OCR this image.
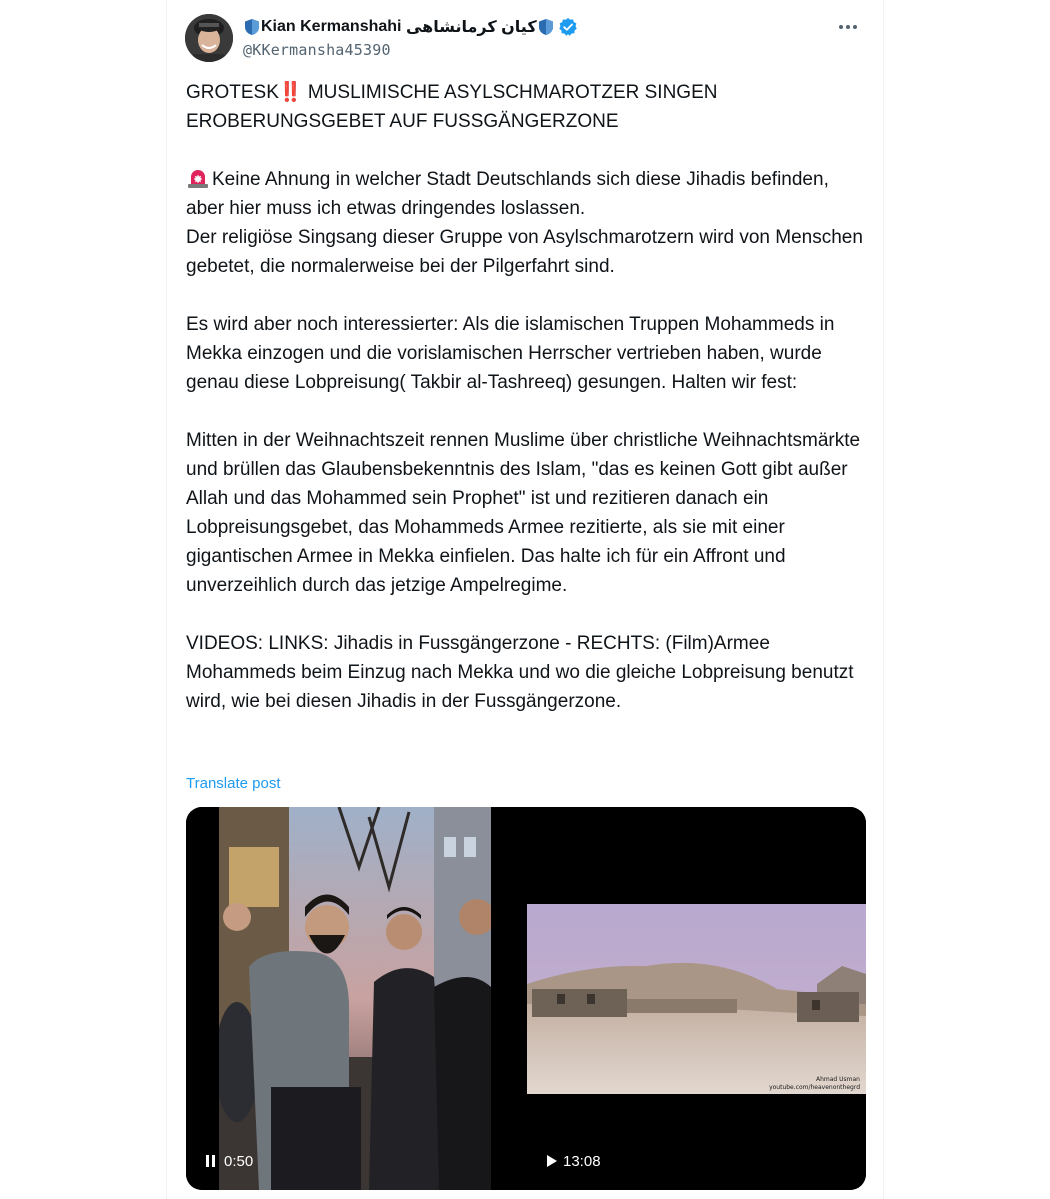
Kian Kermanshahi
کیان کرمانشاهی
@KKermansha45390

GROTESK‼️ MUSLIMISCHE ASYLSCHMAROTZER SINGEN EROBERUNGSGEBET AUF FUSSGÄNGERZONE

Keine Ahnung in welcher Stadt Deutschlands sich diese Jihadis befinden, aber hier muss ich etwas dringendes loslassen.

Der religiöse Singsang dieser Gruppe von Asylschmarotzern wird von Menschen gebetet, die normalerweise bei der Pilgerfahrt sind.

Es wird aber noch interessierter: Als die islamischen Truppen Mohammeds in Mekka einzogen und die vorislamischen Herrscher vertrieben haben, wurde genau diese Lobpreisung( Takbir al-Tashreeq) gesungen. Halten wir fest:

Mitten in der Weihnachtszeit rennen Muslime über christliche Weihnachtsmärkte und brüllen das Glaubensbekenntnis des Islam, "das es keinen Gott gibt außer Allah und das Mohammed sein Prophet" ist und rezitieren danach ein Lobpreisungsgebet, das Mohammeds Armee rezitierte, als sie mit einer gigantischen Armee in Mekka einfielen. Das halte ich für ein Affront und unverzeihlich durch das jetzige Ampelregime.

VIDEOS: LINKS: Jihadis in Fussgängerzone - RECHTS: (Film)Armee Mohammeds beim Einzug nach Mekka und wo die gleiche Lobpreisung benutzt wird, wie bei diesen Jihadis in der Fussgängerzone.

Translate post
0:50
Ahmad Usman
youtube.com/heavenonthegrd
13:08
